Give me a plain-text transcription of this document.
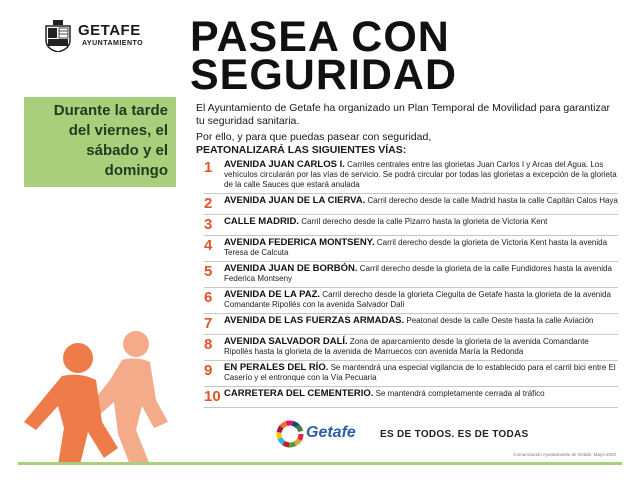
GETAFE
AYUNTAMIENTO PASEA CON
SEGURIDAD
Durante la tarde del viernes, el sábado y el domingo

El Ayuntamiento de Getafe ha organizado un Plan Temporal de Movilidad para garantizar tu seguridad sanitaria.

Por ello, y para que puedas pasear con seguridad,
PEATONALIZARÁ LAS SIGUIENTES VÍAS:

1	AVENIDA JUAN CARLOS I. Carriles centrales entre las glorietas Juan Carlos I y Arcas del Agua. Los vehículos circularán por las vías de servicio. Se podrá circular por todas las glorietas a excepción de la glorieta de la calle Sauces que estará anulada
2	AVENIDA JUAN DE LA CIERVA. Carril derecho desde la calle Madrid hasta la calle Capitán Calos Haya
3	CALLE MADRID. Carril derecho desde la calle Pizarro hasta la glorieta de Victoria Kent
4	AVENIDA FEDERICA MONTSENY. Carril derecho desde la glorieta de Victoria Kent hasta la avenida Teresa de Calcuta
5	AVENIDA JUAN DE BORBÓN. Carril derecho desde la glorieta de la calle Fundidores hasta la avenida Federica Montseny
6	AVENIDA DE LA PAZ. Carril derecho desde la glorieta Cieguita de Getafe hasta la glorieta de la avenida Comandante Ripollés con la avenida Salvador Dalí
7	AVENIDA DE LAS FUERZAS ARMADAS. Peatonal desde la calle Oeste hasta la calle Aviación
8	AVENIDA SALVADOR DALÍ. Zona de aparcamiento desde la glorieta de la avenida Comandante Ripollés hasta la glorieta de la avenida de Marruecos con avenida María la Redonda
9	EN PERALES DEL RÍO. Se mantendrá una especial vigilancia de lo establecido para el carril bici entre El Caserío y el entronque con la Vía Pecuaria
10 CARRETERA DEL CEMENTERIO. Se mantendrá completamente cerrada al tráfico
Getafe ES DE TODOS. ES DE TODAS
Comunicación Ayuntamiento de Getafe. Mayo 2020
